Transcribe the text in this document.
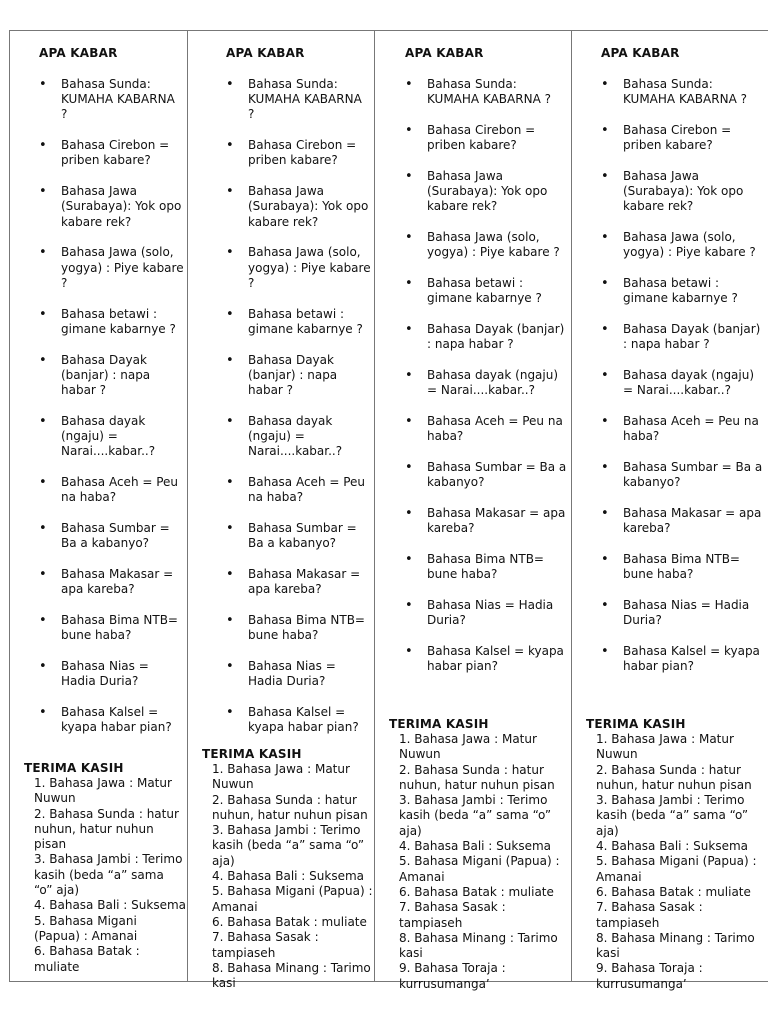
APA KABAR
• Bahasa Sunda: KUMAHA KABARNA ?
• Bahasa Cirebon = priben kabare?
• Bahasa Jawa (Surabaya): Yok opo kabare rek?
• Bahasa Jawa (solo, yogya) : Piye kabare ?
• Bahasa betawi : gimane kabarnye ?
• Bahasa Dayak (banjar) : napa habar ?
• Bahasa dayak (ngaju) = Narai....kabar..?
• Bahasa Aceh = Peu na haba?
• Bahasa Sumbar = Ba a kabanyo?
• Bahasa Makasar = apa kareba?
• Bahasa Bima NTB= bune haba?
• Bahasa Nias = Hadia Duria?
• Bahasa Kalsel = kyapa habar pian?
TERIMA KASIH
1. Bahasa Jawa : Matur Nuwun
2. Bahasa Sunda : hatur nuhun, hatur nuhun pisan
3. Bahasa Jambi : Terimo kasih (beda “a” sama “o” aja)
4. Bahasa Bali : Suksema
5. Bahasa Migani (Papua) : Amanai
6. Bahasa Batak : muliate
APA KABAR
• Bahasa Sunda: KUMAHA KABARNA ?
• Bahasa Cirebon = priben kabare?
• Bahasa Jawa (Surabaya): Yok opo kabare rek?
• Bahasa Jawa (solo, yogya) : Piye kabare ?
• Bahasa betawi : gimane kabarnye ?
• Bahasa Dayak (banjar) : napa habar ?
• Bahasa dayak (ngaju) = Narai....kabar..?
• Bahasa Aceh = Peu na haba?
• Bahasa Sumbar = Ba a kabanyo?
• Bahasa Makasar = apa kareba?
• Bahasa Bima NTB= bune haba?
• Bahasa Nias = Hadia Duria?
• Bahasa Kalsel = kyapa habar pian?
TERIMA KASIH
1. Bahasa Jawa : Matur Nuwun
2. Bahasa Sunda : hatur nuhun, hatur nuhun pisan
3. Bahasa Jambi : Terimo kasih (beda “a” sama “o” aja)
4. Bahasa Bali : Suksema
5. Bahasa Migani (Papua) : Amanai
6. Bahasa Batak : muliate
7. Bahasa Sasak : tampiaseh
8. Bahasa Minang : Tarimo kasi
APA KABAR
• Bahasa Sunda: KUMAHA KABARNA ?
• Bahasa Cirebon = priben kabare?
• Bahasa Jawa (Surabaya): Yok opo kabare rek?
• Bahasa Jawa (solo, yogya) : Piye kabare ?
• Bahasa betawi : gimane kabarnye ?
• Bahasa Dayak (banjar) : napa habar ?
• Bahasa dayak (ngaju) = Narai....kabar..?
• Bahasa Aceh = Peu na haba?
• Bahasa Sumbar = Ba a kabanyo?
• Bahasa Makasar = apa kareba?
• Bahasa Bima NTB= bune haba?
• Bahasa Nias = Hadia Duria?
• Bahasa Kalsel = kyapa habar pian?
TERIMA KASIH
1. Bahasa Jawa : Matur Nuwun
2. Bahasa Sunda : hatur nuhun, hatur nuhun pisan
3. Bahasa Jambi : Terimo kasih (beda “a” sama “o” aja)
4. Bahasa Bali : Suksema
5. Bahasa Migani (Papua) : Amanai
6. Bahasa Batak : muliate
7. Bahasa Sasak : tampiaseh
8. Bahasa Minang : Tarimo kasi
9. Bahasa Toraja : kurrusumanga’
APA KABAR
• Bahasa Sunda: KUMAHA KABARNA ?
• Bahasa Cirebon = priben kabare?
• Bahasa Jawa (Surabaya): Yok opo kabare rek?
• Bahasa Jawa (solo, yogya) : Piye kabare ?
• Bahasa betawi : gimane kabarnye ?
• Bahasa Dayak (banjar) : napa habar ?
• Bahasa dayak (ngaju) = Narai....kabar..?
• Bahasa Aceh = Peu na haba?
• Bahasa Sumbar = Ba a kabanyo?
• Bahasa Makasar = apa kareba?
• Bahasa Bima NTB= bune haba?
• Bahasa Nias = Hadia Duria?
• Bahasa Kalsel = kyapa habar pian?
TERIMA KASIH
1. Bahasa Jawa : Matur Nuwun
2. Bahasa Sunda : hatur nuhun, hatur nuhun pisan
3. Bahasa Jambi : Terimo kasih (beda “a” sama “o” aja)
4. Bahasa Bali : Suksema
5. Bahasa Migani (Papua) : Amanai
6. Bahasa Batak : muliate
7. Bahasa Sasak : tampiaseh
8. Bahasa Minang : Tarimo kasi
9. Bahasa Toraja : kurrusumanga’
